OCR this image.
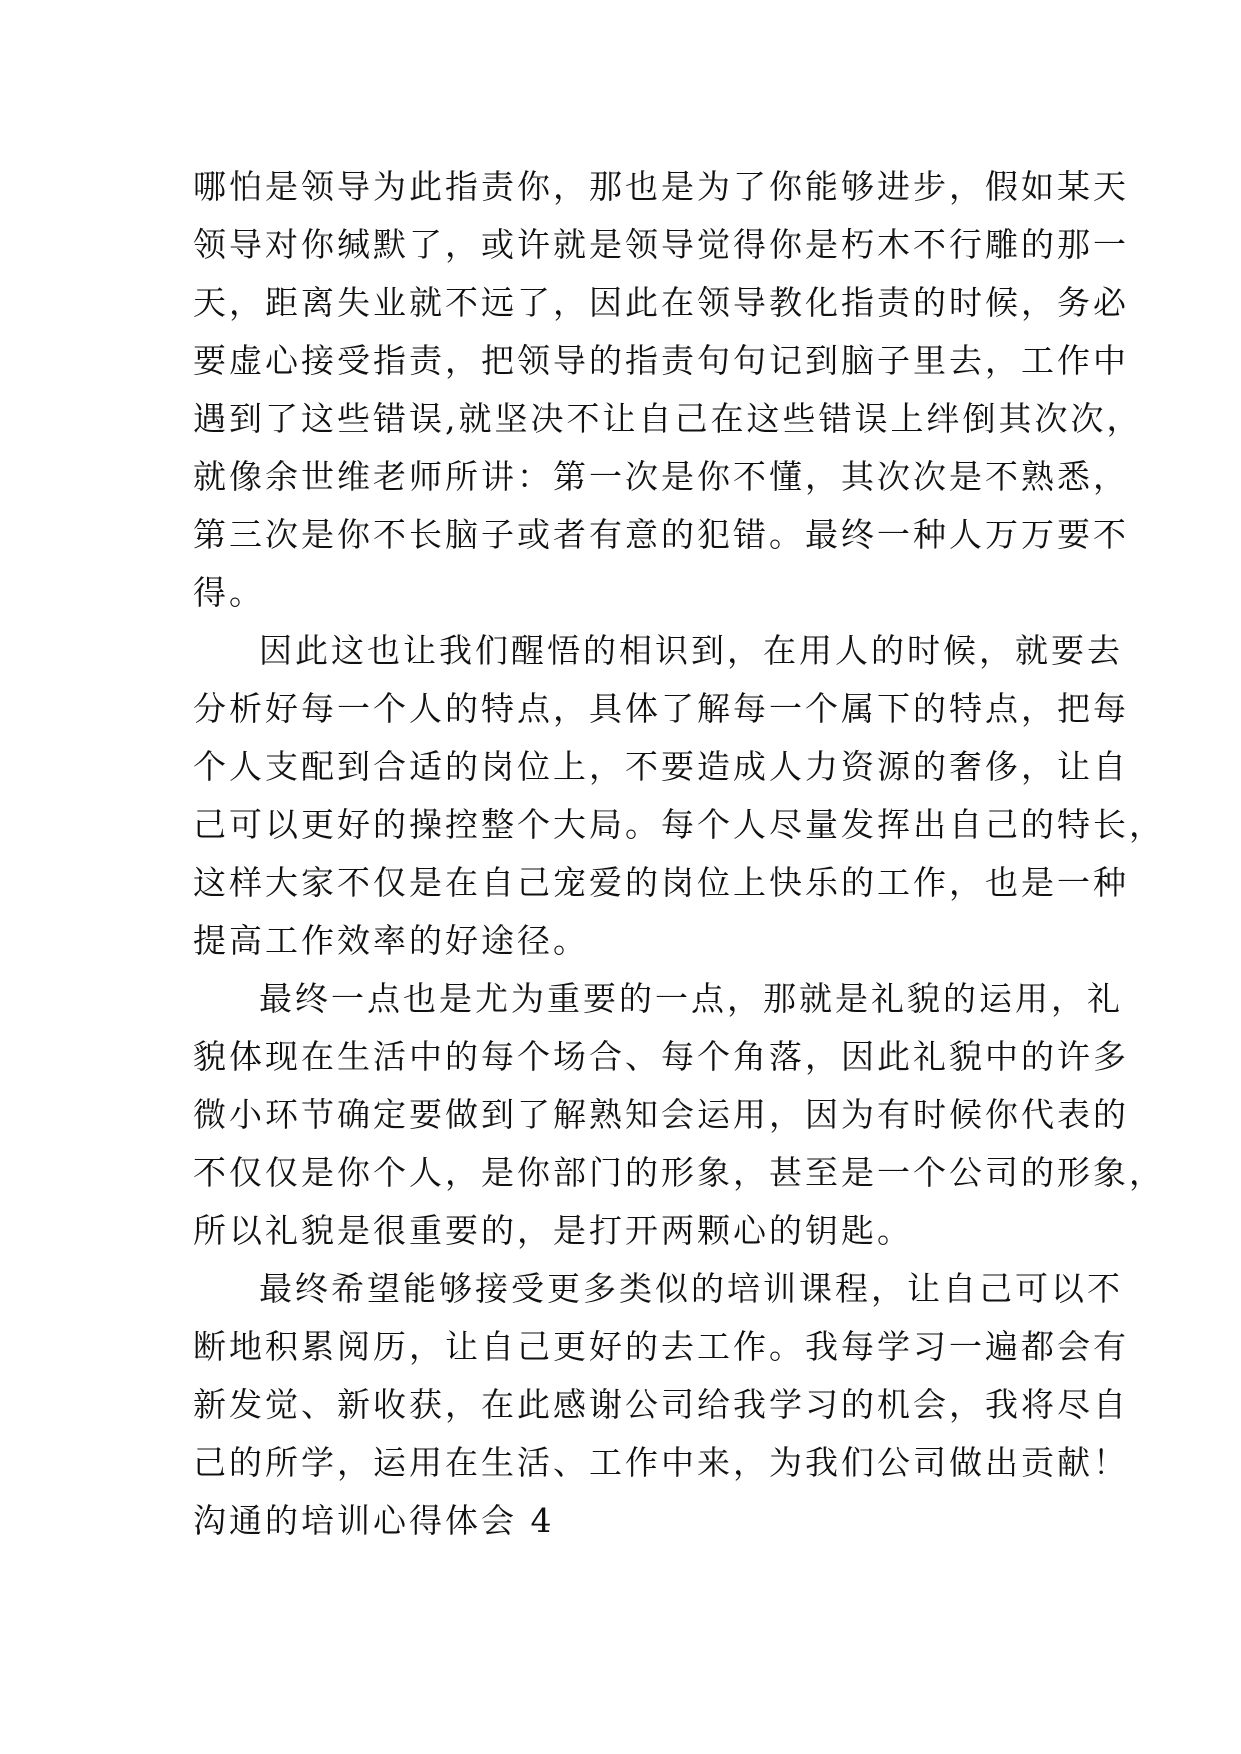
哪怕是领导为此指责你，那也是为了你能够进步，假如某天
领导对你缄默了，或许就是领导觉得你是朽木不行雕的那一
天，距离失业就不远了，因此在领导教化指责的时候，务必
要虚心接受指责，把领导的指责句句记到脑子里去，工作中
遇到了这些错误,就坚决不让自己在这些错误上绊倒其次次，
就像余世维老师所讲：第一次是你不懂，其次次是不熟悉，
第三次是你不长脑子或者有意的犯错。最终一种人万万要不
得。
因此这也让我们醒悟的相识到，在用人的时候，就要去
分析好每一个人的特点，具体了解每一个属下的特点，把每
个人支配到合适的岗位上，不要造成人力资源的奢侈，让自
己可以更好的操控整个大局。每个人尽量发挥出自己的特长，
这样大家不仅是在自己宠爱的岗位上快乐的工作，也是一种
提高工作效率的好途径。
最终一点也是尤为重要的一点，那就是礼貌的运用，礼
貌体现在生活中的每个场合、每个角落，因此礼貌中的许多
微小环节确定要做到了解熟知会运用，因为有时候你代表的
不仅仅是你个人，是你部门的形象，甚至是一个公司的形象，
所以礼貌是很重要的，是打开两颗心的钥匙。
最终希望能够接受更多类似的培训课程，让自己可以不
断地积累阅历，让自己更好的去工作。我每学习一遍都会有
新发觉、新收获，在此感谢公司给我学习的机会，我将尽自
己的所学，运用在生活、工作中来，为我们公司做出贡献！
沟通的培训心得体会 4
